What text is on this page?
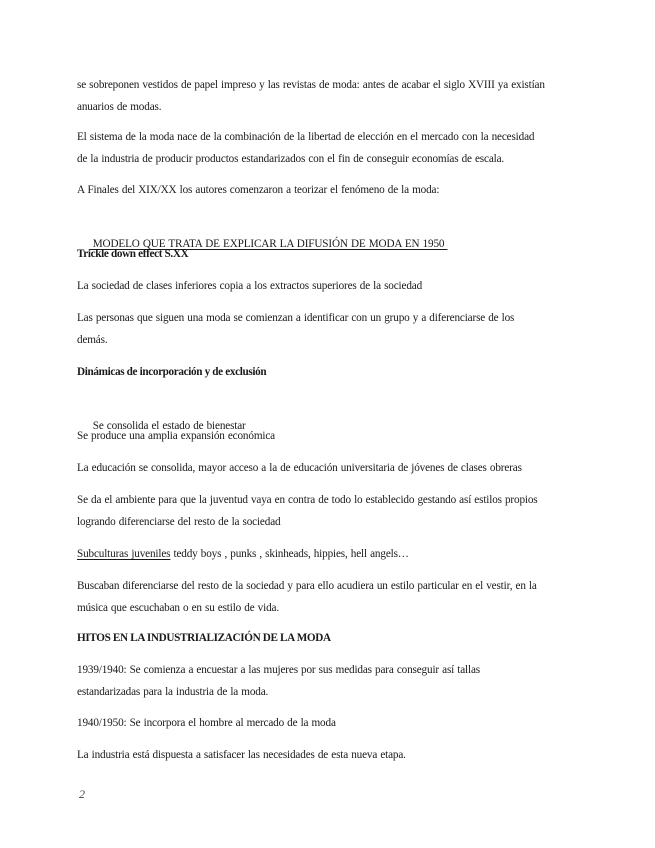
se sobreponen vestidos de papel impreso y las revistas de moda: antes de acabar el siglo XVIII ya existían
anuarios de modas.
El sistema de la moda nace de la combinación de la libertad de elección en el mercado con la necesidad
de la industria de producir productos estandarizados con el fin de conseguir economías de escala.
A Finales del XIX/XX los autores comenzaron a teorizar el fenómeno de la moda:

MODELO QUE TRATA DE EXPLICAR LA DIFUSIÓN DE MODA EN 1950

Trickle down effect S.XX
La sociedad de clases inferiores copia a los extractos superiores de la sociedad
Las personas que siguen una moda se comienzan a identificar con un grupo y a diferenciarse de los
demás.
Dinámicas de incorporación y de exclusión

Se consolida el estado de bienestar

Se produce una amplia expansión económica
La educación se consolida, mayor acceso a la de educación universitaria de jóvenes de clases obreras
Se da el ambiente para que la juventud vaya en contra de todo lo establecido gestando así estilos propios
logrando diferenciarse del resto de la sociedad
Subculturas juveniles teddy boys , punks , skinheads, hippies, hell angels…
Buscaban diferenciarse del resto de la sociedad y para ello acudiera un estilo particular en el vestir, en la
música que escuchaban o en su estilo de vida.
HITOS EN LA INDUSTRIALIZACIÓN DE LA MODA
1939/1940: Se comienza a encuestar a las mujeres por sus medidas para conseguir así tallas
estandarizadas para la industria de la moda.
1940/1950: Se incorpora el hombre al mercado de la moda
La industria está dispuesta a satisfacer las necesidades de esta nueva etapa.
2
